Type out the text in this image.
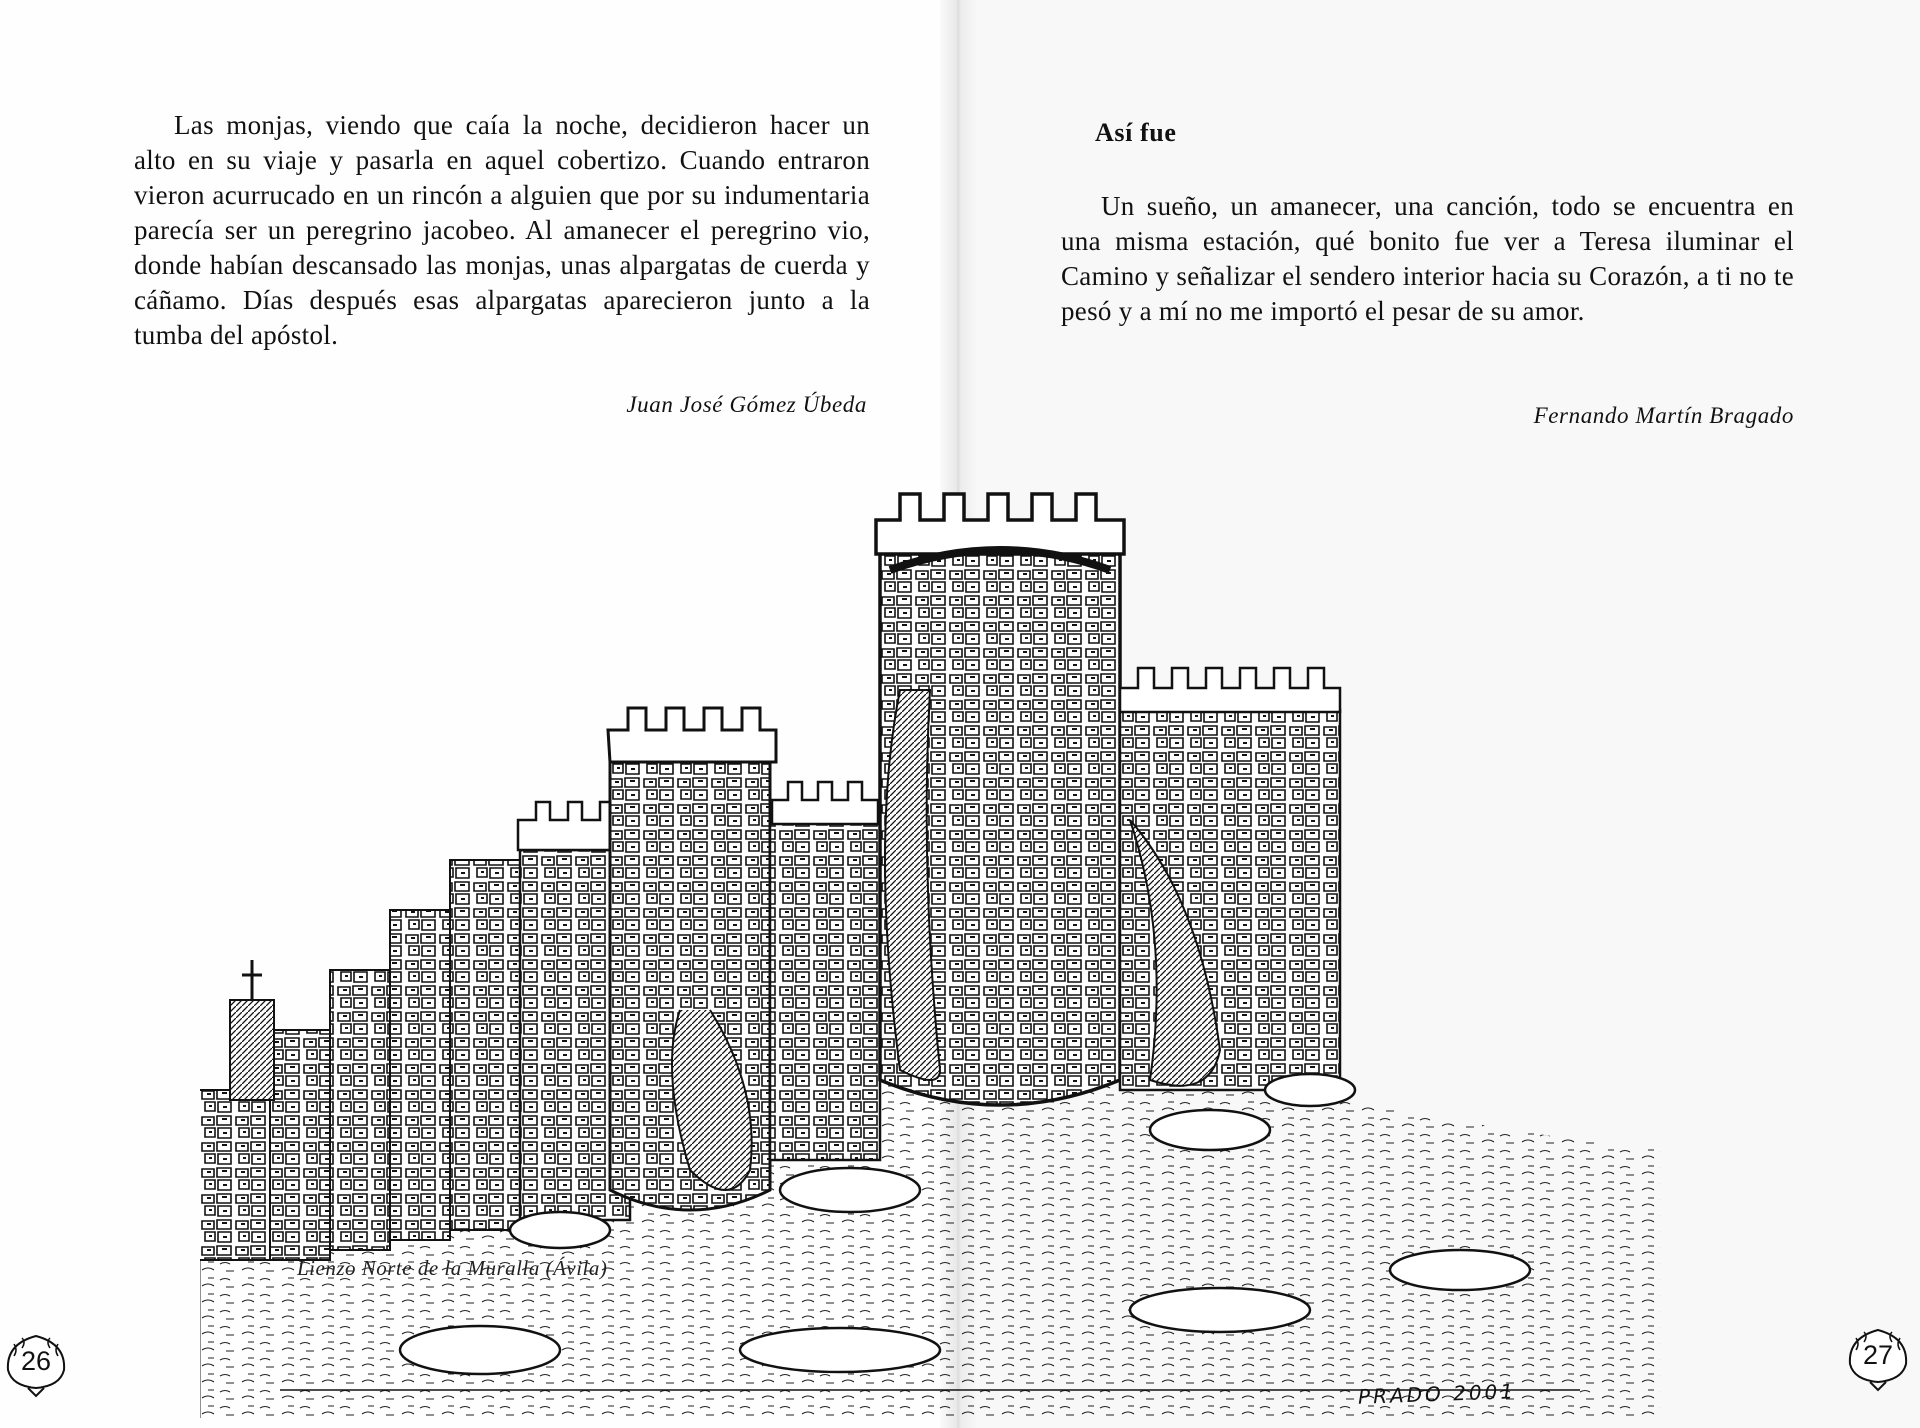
Las monjas, viendo que caía la noche, decidieron hacer un alto en su viaje y pasarla en aquel cobertizo. Cuando entraron vieron acurrucado en un rincón a alguien que por su indumentaria parecía ser un peregrino jacobeo. Al amanecer el peregrino vio, donde habían descansado las monjas, unas alpargatas de cuerda y cáñamo. Días después esas alpargatas aparecieron junto a la tumba del apóstol.

Juan José Gómez Úbeda
Así fue

Un sueño, un amanecer, una canción, todo se encuentra en una misma estación, qué bonito fue ver a Teresa iluminar el Camino y señalizar el sendero interior hacia su Corazón, a ti no te pesó y a mí no me importó el pesar de su amor.

Fernando Martín Bragado
Lienzo Norte de la Muralla (Ávila)
PRADO 2001
26	27
